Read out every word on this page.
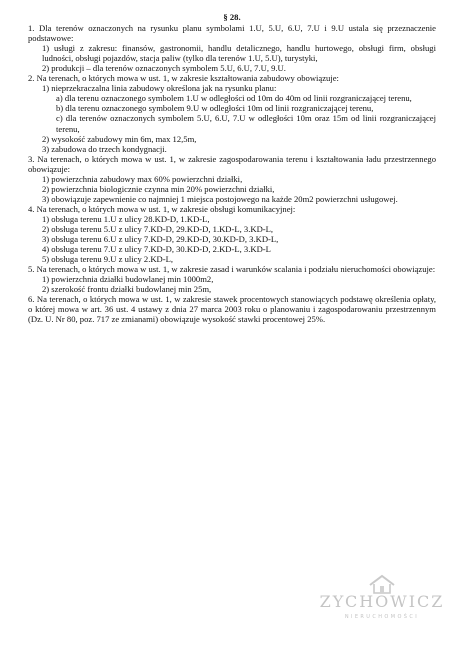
§ 28.
1. Dla terenów oznaczonych na rysunku planu symbolami 1.U, 5.U, 6.U, 7.U i 9.U ustala się przeznaczenie podstawowe:
1) usługi z zakresu: finansów, gastronomii, handlu detalicznego, handlu hurtowego, obsługi firm, obsługi ludności, obsługi pojazdów, stacja paliw (tylko dla terenów 1.U, 5.U), turystyki,
2) produkcji – dla terenów oznaczonych symbolem 5.U, 6.U, 7.U, 9.U.
2. Na terenach, o których mowa w ust. 1, w zakresie kształtowania zabudowy obowiązuje:
1) nieprzekraczalna linia zabudowy określona jak na rysunku planu:
a) dla terenu oznaczonego symbolem 1.U w odległości od 10m do 40m od linii rozgraniczającej terenu,
b) dla terenu oznaczonego symbolem 9.U w odległości 10m od linii rozgraniczającej terenu,
c) dla terenów oznaczonych symbolem 5.U, 6.U, 7.U w odległości 10m oraz 15m od linii rozgraniczającej terenu,
2) wysokość zabudowy min 6m, max 12,5m,
3) zabudowa do trzech kondygnacji.
3. Na terenach, o których mowa w ust. 1, w zakresie zagospodarowania terenu i kształtowania ładu przestrzennego obowiązuje:
1) powierzchnia zabudowy max 60% powierzchni działki,
2) powierzchnia biologicznie czynna min 20% powierzchni działki,
3) obowiązuje zapewnienie co najmniej 1 miejsca postojowego na każde 20m2 powierzchni usługowej.
4. Na terenach, o których mowa w ust. 1, w zakresie obsługi komunikacyjnej:
1) obsługa terenu 1.U z ulicy 28.KD-D, 1.KD-L,
2) obsługa terenu 5.U z ulicy 7.KD-D, 29.KD-D, 1.KD-L, 3.KD-L,
3) obsługa terenu 6.U z ulicy 7.KD-D, 29.KD-D, 30.KD-D, 3.KD-L,
4) obsługa terenu 7.U z ulicy 7.KD-D, 30.KD-D, 2.KD-L, 3.KD-L
5) obsługa terenu 9.U z ulicy 2.KD-L,
5. Na terenach, o których mowa w ust. 1, w zakresie zasad i warunków scalania i podziału nieruchomości obowiązuje:
1) powierzchnia działki budowlanej min 1000m2,
2) szerokość frontu działki budowlanej min 25m,
6. Na terenach, o których mowa w ust. 1, w zakresie stawek procentowych stanowiących podstawę określenia opłaty, o której mowa w art. 36 ust. 4 ustawy z dnia 27 marca 2003 roku o planowaniu i zagospodarowaniu przestrzennym (Dz. U. Nr 80, poz. 717 ze zmianami) obowiązuje wysokość stawki procentowej 25%.
ZYCHOWICZ
NIERUCHOMOŚCI
